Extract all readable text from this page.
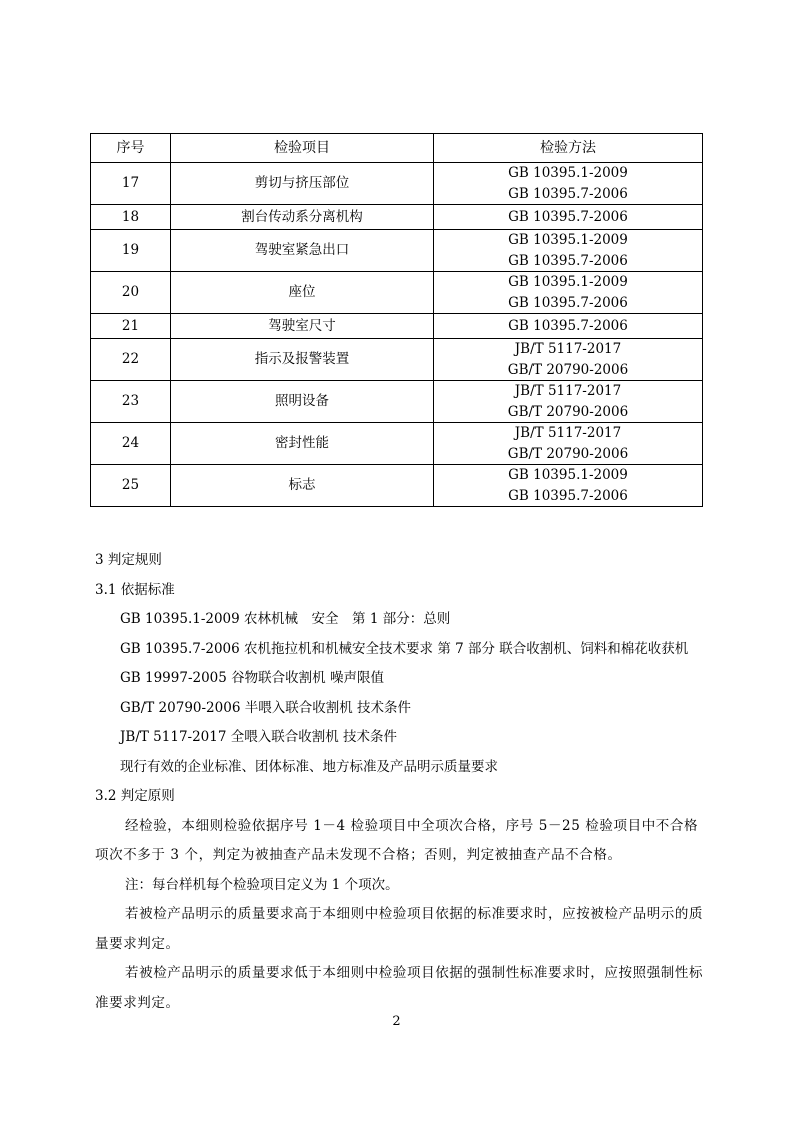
序号	检验项目	检验方法
17	剪切与挤压部位	GB 10395.1-2009
GB 10395.7-2006

18	割台传动系分离机构	GB 10395.7-2006

19	驾驶室紧急出口	GB 10395.1-2009
GB 10395.7-2006

20	座位	GB 10395.1-2009
GB 10395.7-2006

21	驾驶室尺寸	GB 10395.7-2006

22	指示及报警装置	JB/T 5117-2017
GB/T 20790-2006

23	照明设备	JB/T 5117-2017
GB/T 20790-2006

24	密封性能	JB/T 5117-2017
GB/T 20790-2006

25	标志	GB 10395.1-2009
GB 10395.7-2006
3 判定规则
3.1 依据标准
GB 10395.1-2009 农林机械　安全　第 1 部分：总则
GB 10395.7-2006 农机拖拉机和机械安全技术要求 第 7 部分 联合收割机、饲料和棉花收获机
GB 19997-2005 谷物联合收割机 噪声限值
GB/T 20790-2006 半喂入联合收割机 技术条件
JB/T 5117-2017 全喂入联合收割机 技术条件
现行有效的企业标准、团体标准、地方标准及产品明示质量要求
3.2 判定原则
经检验，本细则检验依据序号 1－4 检验项目中全项次合格，序号 5－25 检验项目中不合格项次不多于 3 个，判定为被抽查产品未发现不合格；否则，判定被抽查产品不合格。
注：每台样机每个检验项目定义为 1 个项次。
若被检产品明示的质量要求高于本细则中检验项目依据的标准要求时，应按被检产品明示的质量要求判定。
若被检产品明示的质量要求低于本细则中检验项目依据的强制性标准要求时，应按照强制性标准要求判定。
2
